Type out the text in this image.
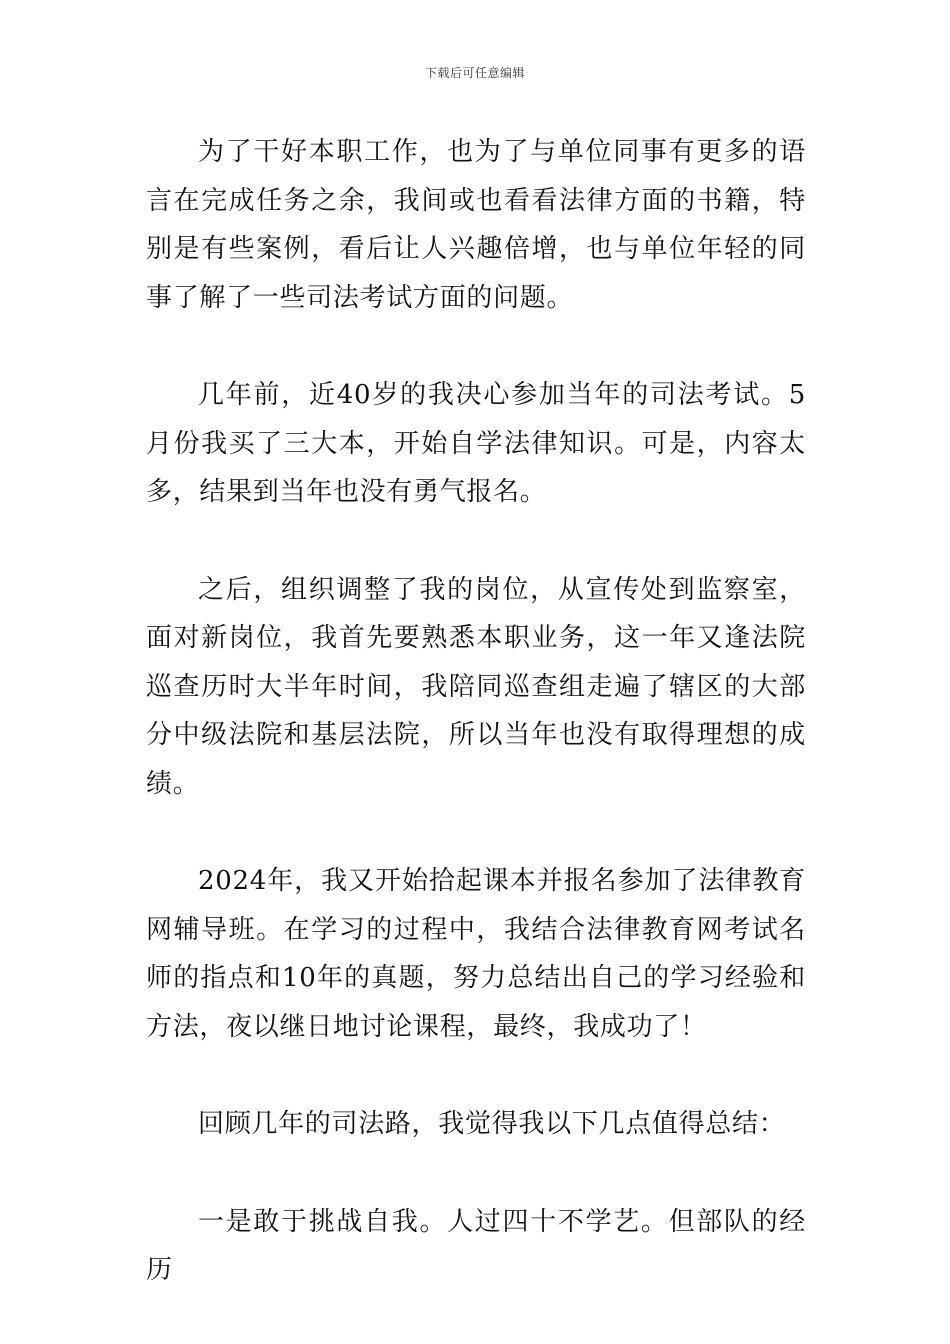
下载后可任意编辑

为了干好本职工作，也为了与单位同事有更多的语言在完成任务之余，我间或也看看法律方面的书籍，特别是有些案例，看后让人兴趣倍增，也与单位年轻的同事了解了一些司法考试方面的问题。

几年前，近40岁的我决心参加当年的司法考试。5月份我买了三大本，开始自学法律知识。可是，内容太多，结果到当年也没有勇气报名。

之后，组织调整了我的岗位，从宣传处到监察室，面对新岗位，我首先要熟悉本职业务，这一年又逢法院巡查历时大半年时间，我陪同巡查组走遍了辖区的大部分中级法院和基层法院，所以当年也没有取得理想的成绩。

2024年，我又开始拾起课本并报名参加了法律教育网辅导班。在学习的过程中，我结合法律教育网考试名师的指点和10年的真题，努力总结出自己的学习经验和方法，夜以继日地讨论课程，最终，我成功了！

回顾几年的司法路，我觉得我以下几点值得总结：

一是敢于挑战自我。人过四十不学艺。但部队的经历
